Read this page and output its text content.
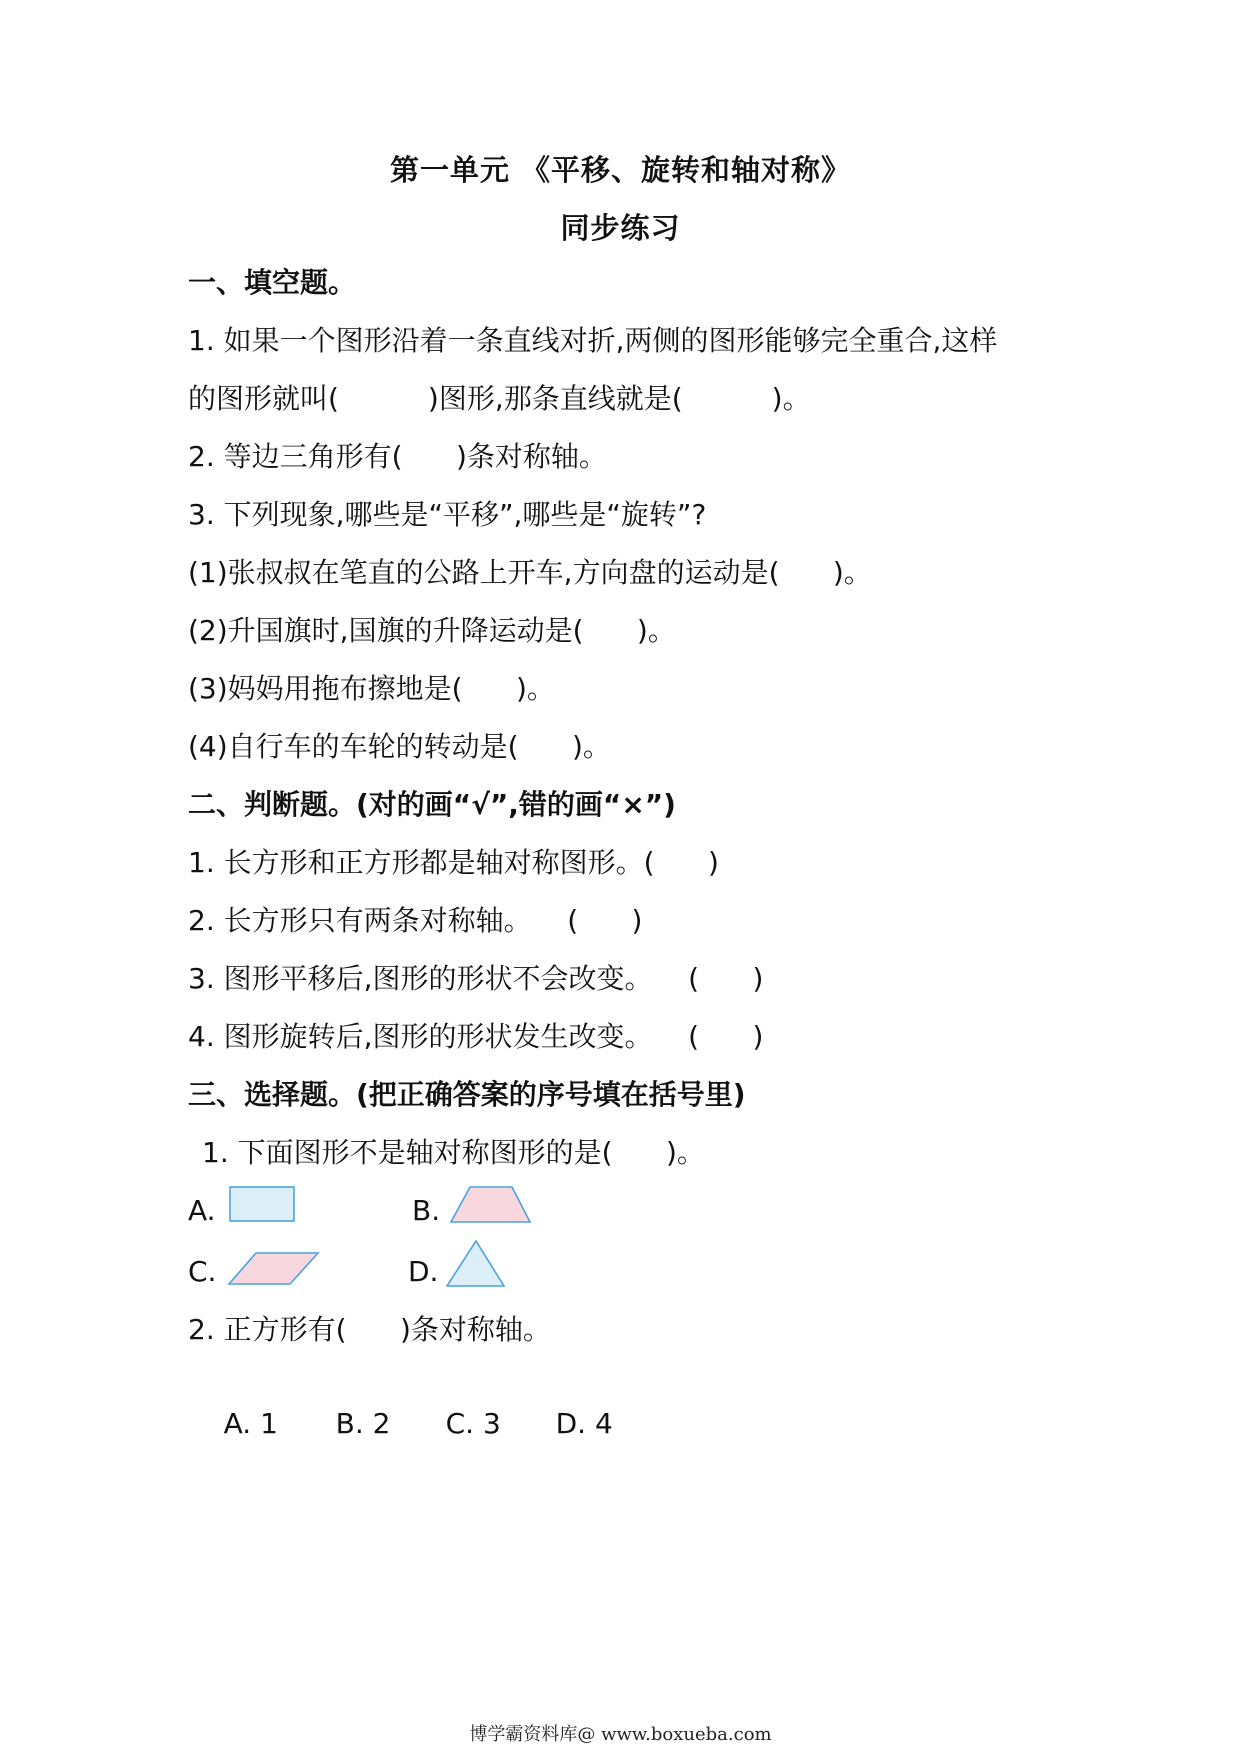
第一单元 《平移、旋转和轴对称》
同步练习

一、填空题。

1. 如果一个图形沿着一条直线对折,两侧的图形能够完全重合,这样

的图形就叫(          )图形,那条直线就是(          )。

2. 等边三角形有(      )条对称轴。

3. 下列现象,哪些是“平移”,哪些是“旋转”?

(1)张叔叔在笔直的公路上开车,方向盘的运动是(      )。

(2)升国旗时,国旗的升降运动是(      )。

(3)妈妈用拖布擦地是(      )。

(4)自行车的车轮的转动是(      )。

二、判断题。(对的画“√”,错的画“×”)

1. 长方形和正方形都是轴对称图形。(      )

2. 长方形只有两条对称轴。    (      )

3. 图形平移后,图形的形状不会改变。    (      )

4. 图形旋转后,图形的形状发生改变。    (      )

三、选择题。(把正确答案的序号填在括号里)

1. 下面图形不是轴对称图形的是(      )。

A.	B.
C.	D.

2. 正方形有(      )条对称轴。

A. 1 B. 2 C. 3 D. 4

博学霸资料库@ www.boxueba.com
